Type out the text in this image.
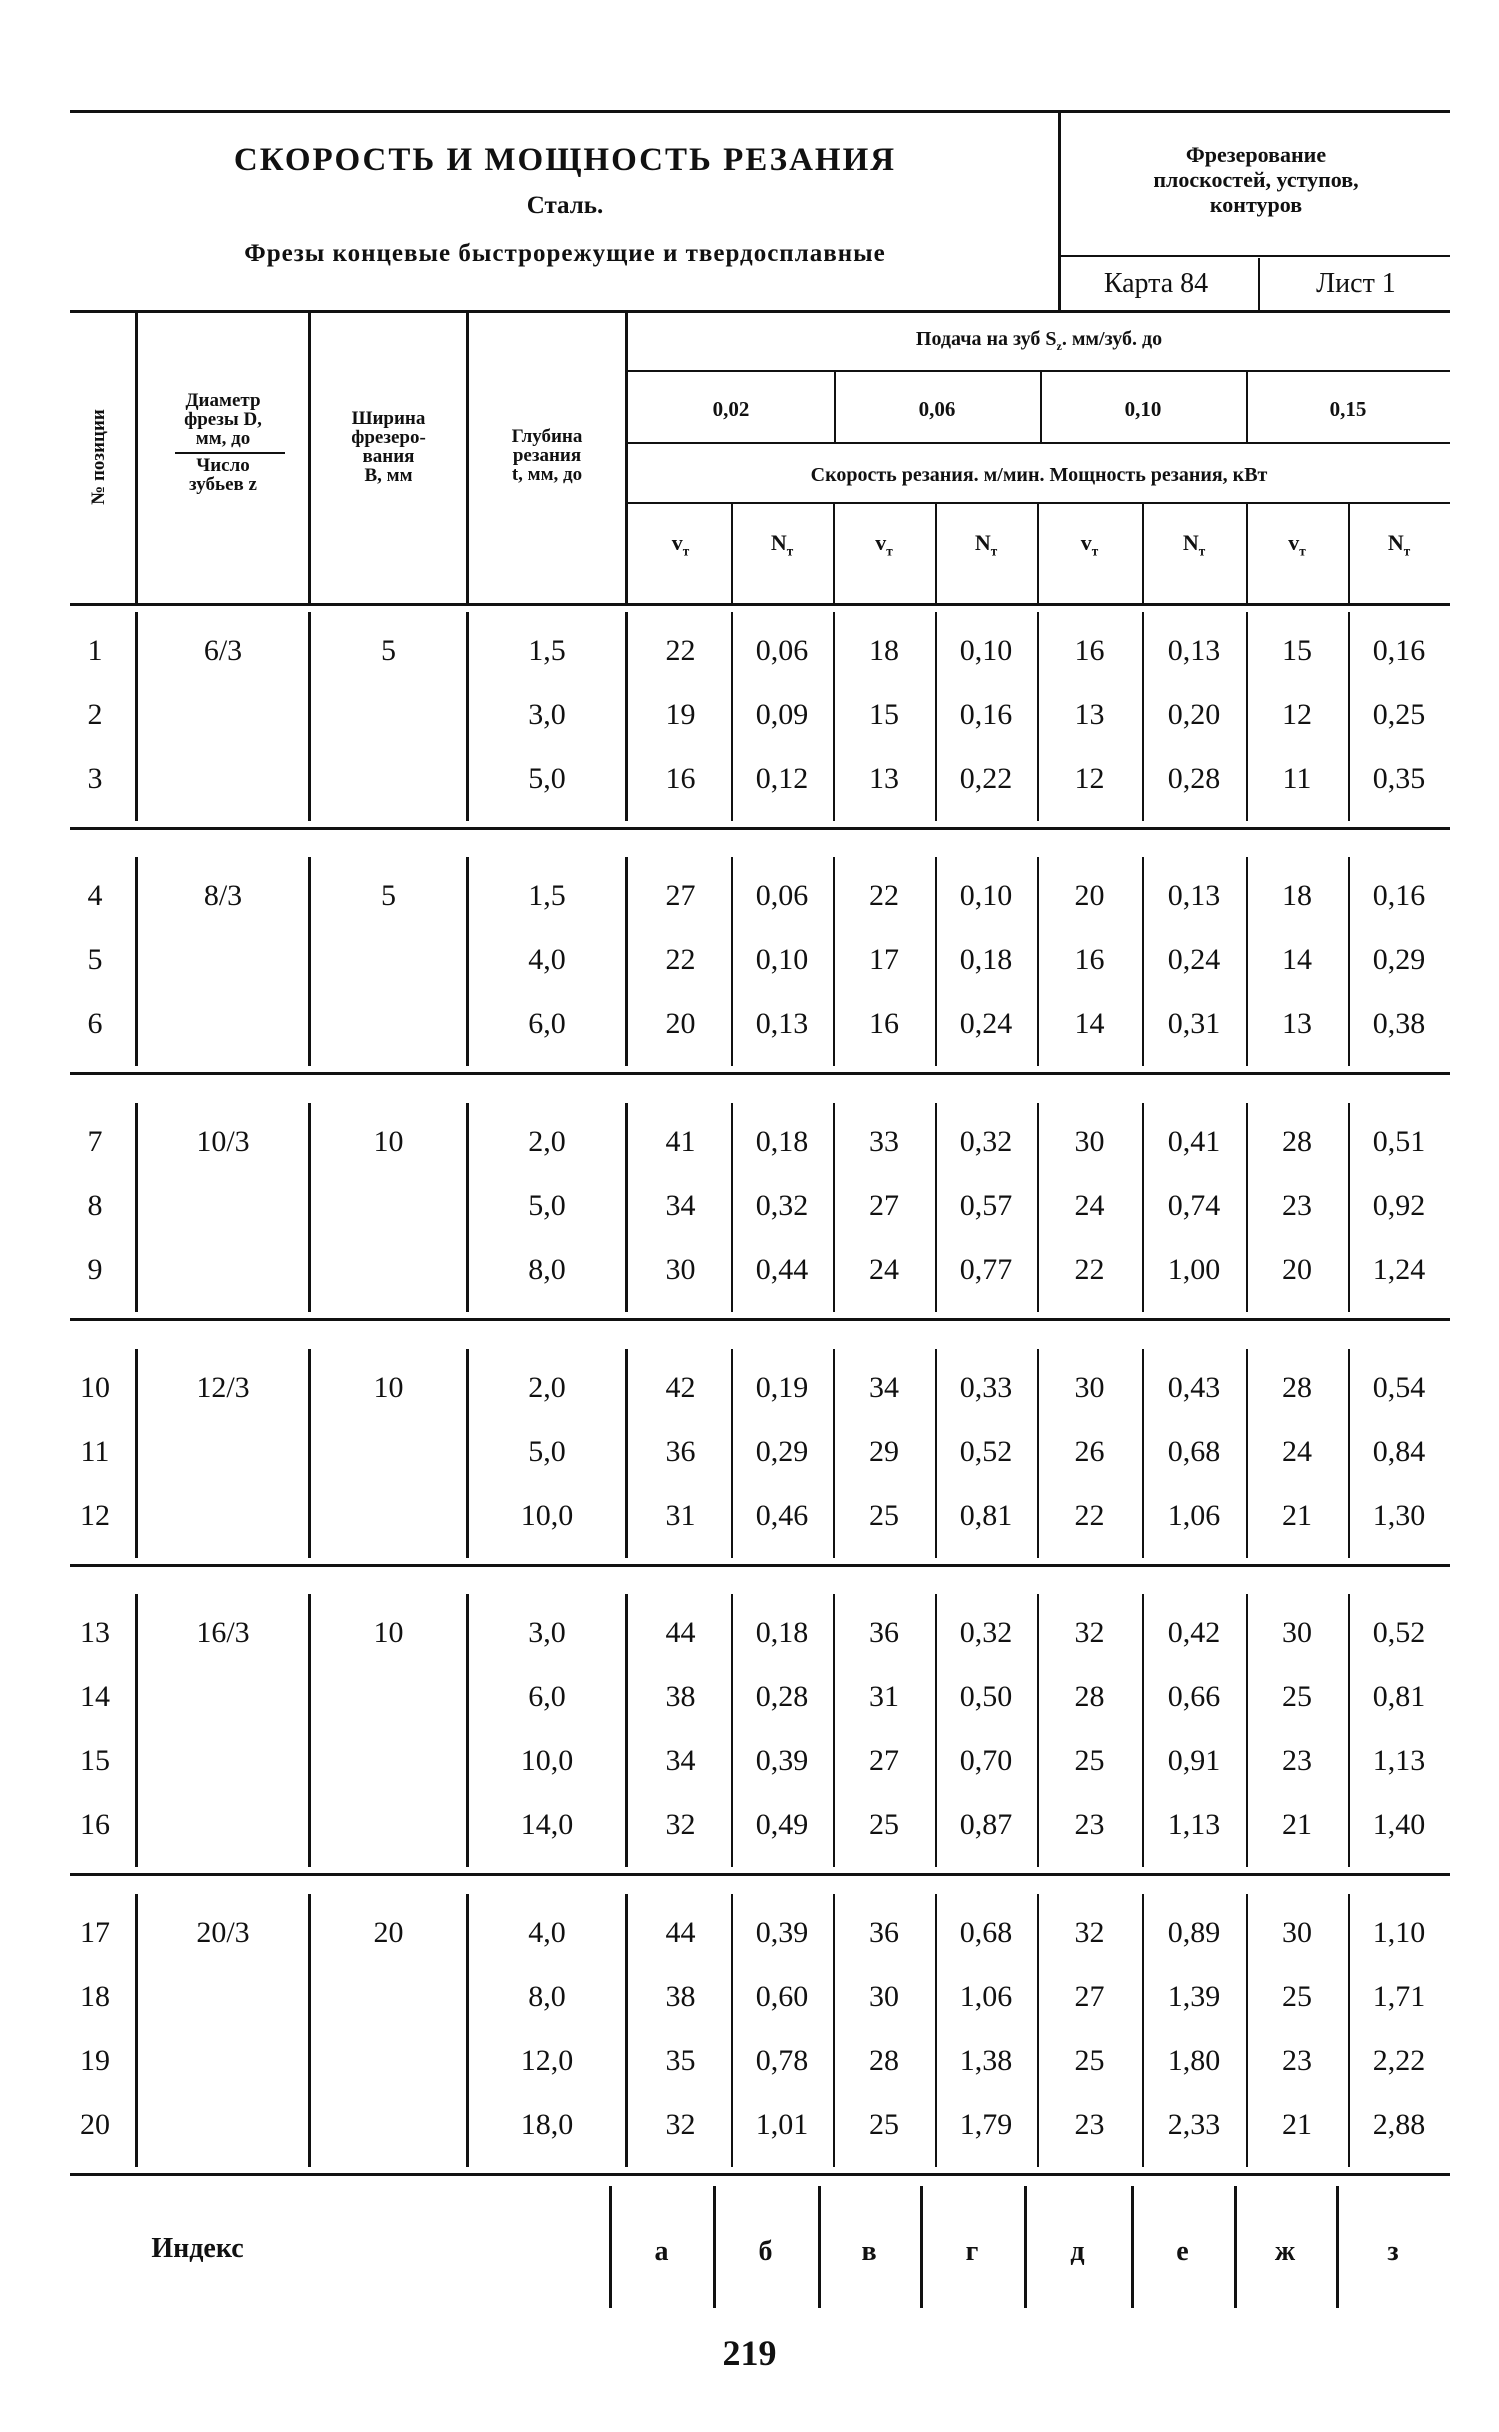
СКОРОСТЬ И МОЩНОСТЬ РЕЗАНИЯ
Сталь.
Фрезы концевые быстрорежущие и твердосплавные
Фрезерование
плоскостей, уступов,
контуров
Карта 84	Лист 1
№ позиции
Диаметр
фрезы D,
мм, до
Число
зубьев z
Ширина
фрезеро-
вания
В, мм
Глубина
резания
t, мм, до
Подача на зуб $S_z$. мм/зуб. до
0,02	0,06	0,10	0,15
Скорость резания. м/мин. Мощность резания, кВт
$v_т$	$N_т$	$v_т$	$N_т$	$v_т$	$N_т$	$v_т$	$N_т$
6/3	5
1	1,5	22	0,06	18	0,10	16	0,13	15	0,16
2	3,0	19	0,09	15	0,16	13	0,20	12	0,25
3	5,0	16	0,12	13	0,22	12	0,28	11	0,35
8/3	5
4	1,5	27	0,06	22	0,10	20	0,13	18	0,16
5	4,0	22	0,10	17	0,18	16	0,24	14	0,29
6	6,0	20	0,13	16	0,24	14	0,31	13	0,38
10/3	10
7	2,0	41	0,18	33	0,32	30	0,41	28	0,51
8	5,0	34	0,32	27	0,57	24	0,74	23	0,92
9	8,0	30	0,44	24	0,77	22	1,00	20	1,24
12/3	10
10	2,0	42	0,19	34	0,33	30	0,43	28	0,54
11	5,0	36	0,29	29	0,52	26	0,68	24	0,84
12	10,0	31	0,46	25	0,81	22	1,06	21	1,30
16/3	10
13	3,0	44	0,18	36	0,32	32	0,42	30	0,52
14	6,0	38	0,28	31	0,50	28	0,66	25	0,81
15	10,0	34	0,39	27	0,70	25	0,91	23	1,13
16	14,0	32	0,49	25	0,87	23	1,13	21	1,40
20/3	20
17	4,0	44	0,39	36	0,68	32	0,89	30	1,10
18	8,0	38	0,60	30	1,06	27	1,39	25	1,71
19	12,0	35	0,78	28	1,38	25	1,80	23	2,22
20	18,0	32	1,01	25	1,79	23	2,33	21	2,88
Индекс	а	б	в	г	д	е	ж	з
219
